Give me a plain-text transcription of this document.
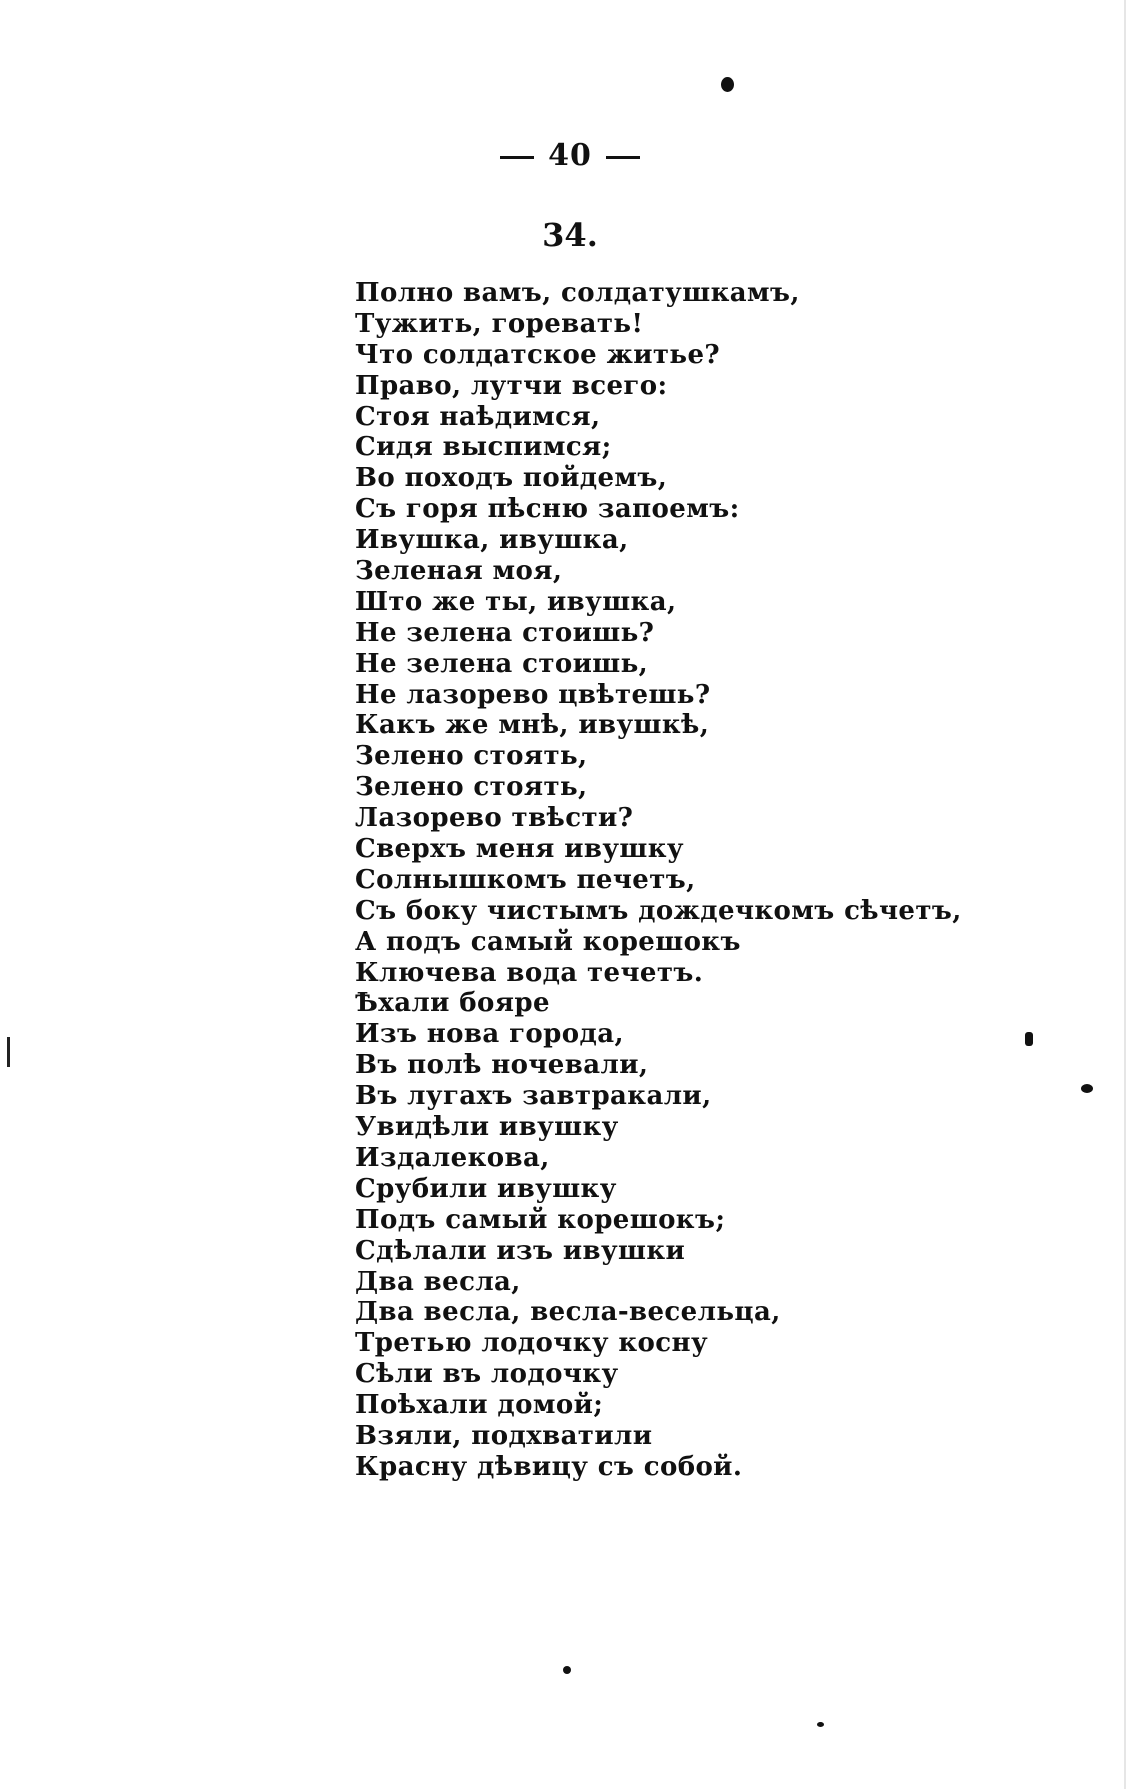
40
34.
Полно вамъ, солдатушкамъ,
Тужить, горевать!
Что солдатское житье?
Право, лутчи всего:
Стоя наѣдимся,
Сидя выспимся;
Во походъ пойдемъ,
Съ горя пѣсню запоемъ:
Ивушка, ивушка,
Зеленая моя,
Што же ты, ивушка,
Не зелена стоишь?
Не зелена стоишь,
Не лазорево цвѣтешь?
Какъ же мнѣ, ивушкѣ,
Зелено стоять,
Зелено стоять,
Лазорево твѣсти?
Сверхъ меня ивушку
Солнышкомъ печетъ,
Съ боку чистымъ дождечкомъ сѣчетъ,
А подъ самый корешокъ
Ключева вода течетъ.
Ѣхали бояре
Изъ нова города,
Въ полѣ ночевали,
Въ лугахъ завтракали,
Увидѣли ивушку
Издалекова,
Срубили ивушку
Подъ самый корешокъ;
Сдѣлали изъ ивушки
Два весла,
Два весла, весла-весельца,
Третью лодочку косну
Сѣли въ лодочку
Поѣхали домой;
Взяли, подхватили
Красну дѣвицу съ собой.
